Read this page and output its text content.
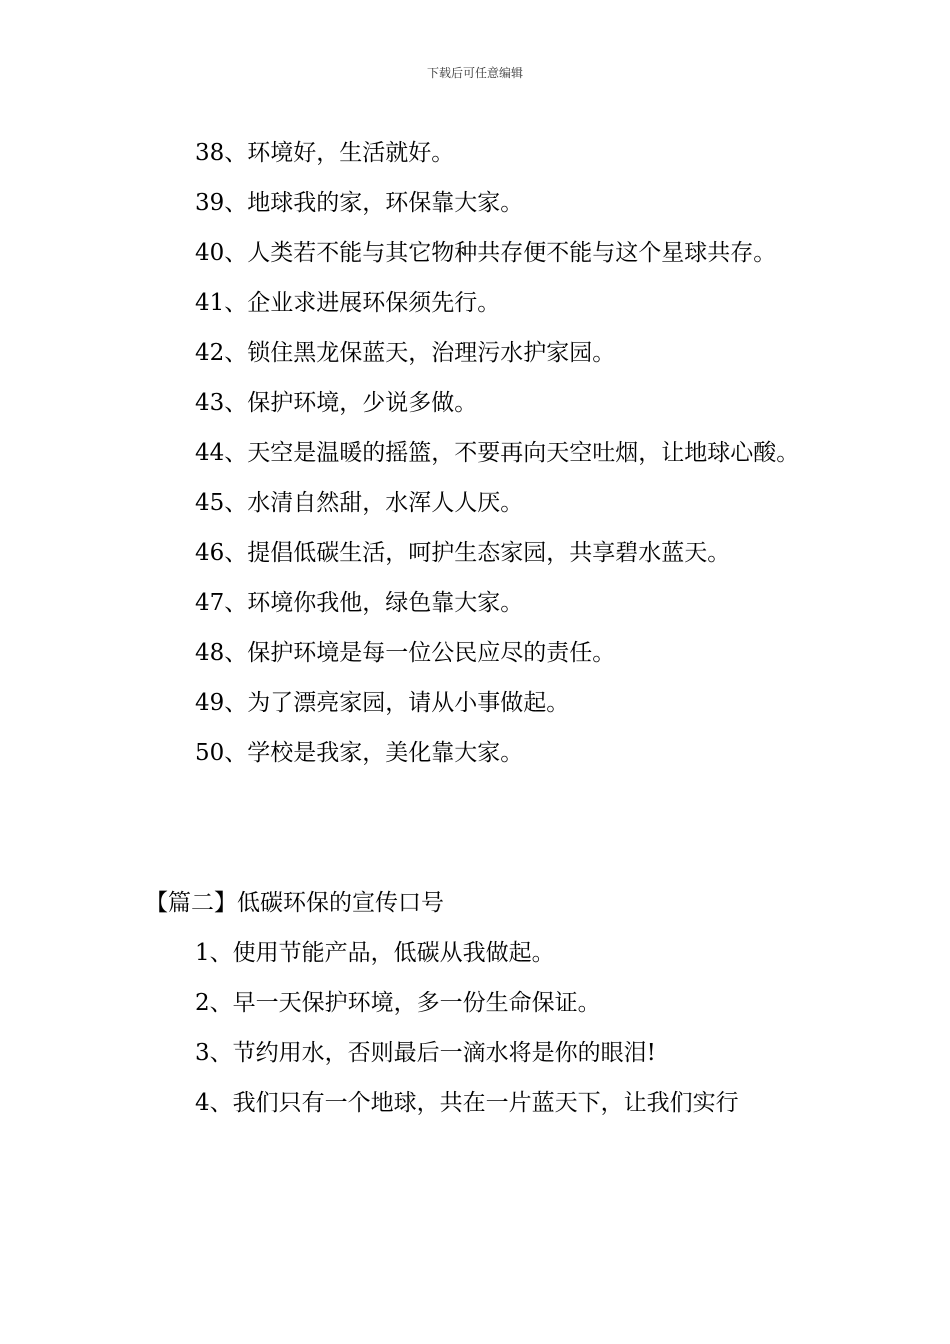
下载后可任意编辑

38、环境好，生活就好。

39、地球我的家，环保靠大家。

40、人类若不能与其它物种共存便不能与这个星球共存。

41、企业求进展环保须先行。

42、锁住黑龙保蓝天，治理污水护家园。

43、保护环境，少说多做。

44、天空是温暖的摇篮，不要再向天空吐烟，让地球心酸。

45、水清自然甜，水浑人人厌。

46、提倡低碳生活，呵护生态家园，共享碧水蓝天。

47、环境你我他，绿色靠大家。

48、保护环境是每一位公民应尽的责任。

49、为了漂亮家园，请从小事做起。

50、学校是我家，美化靠大家。

【篇二】低碳环保的宣传口号

1、使用节能产品，低碳从我做起。

2、早一天保护环境，多一份生命保证。

3、节约用水，否则最后一滴水将是你的眼泪!

4、我们只有一个地球，共在一片蓝天下，让我们实行
